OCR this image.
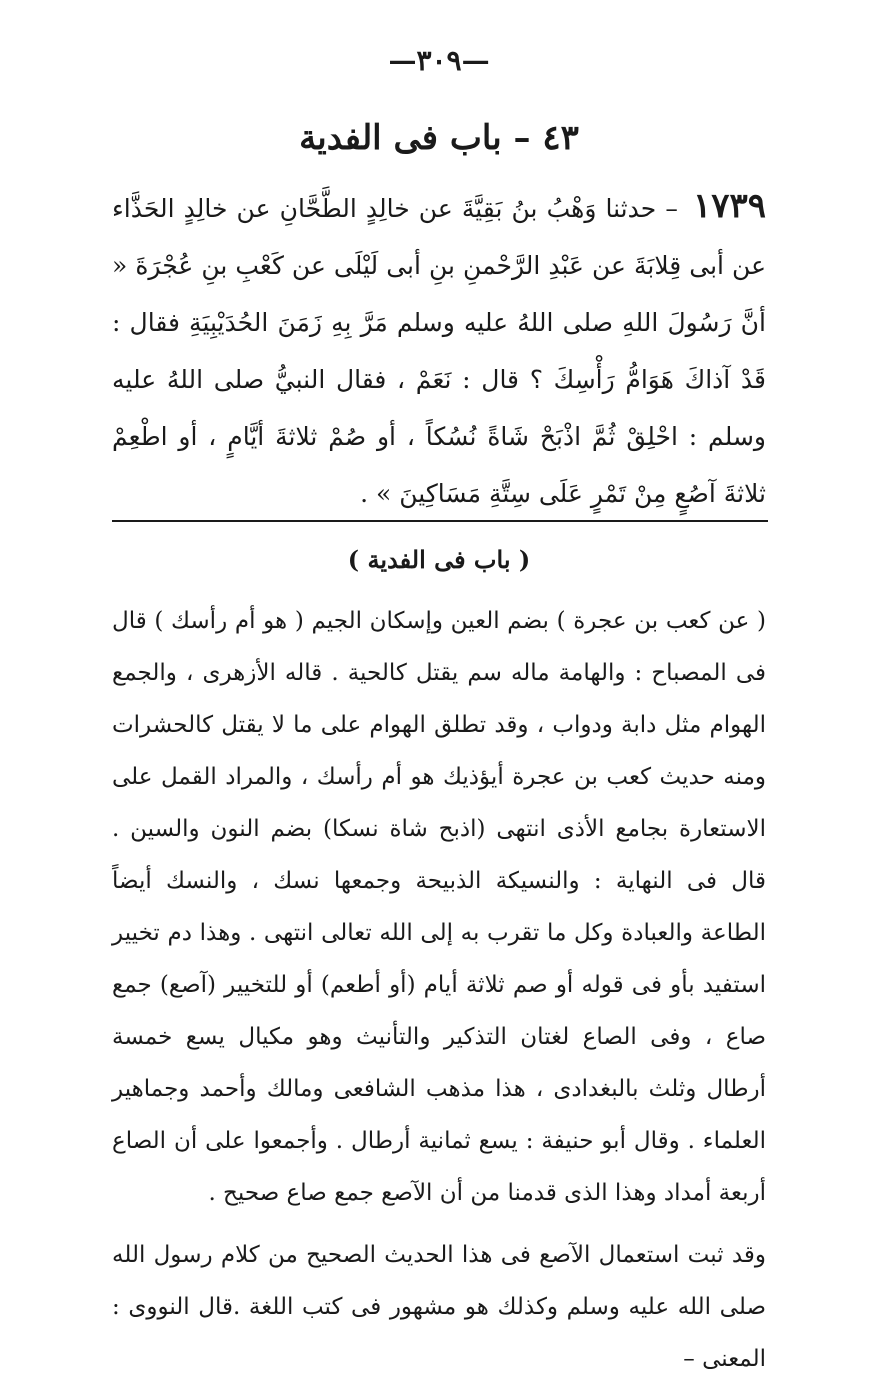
—٣٠٩—
٤٣ – باب فى الفدية
١٧٣٩ – حدثنا وَهْبُ بنُ بَقِيَّةَ عن خالِدٍ الطَّحَّانِ عن خالِدٍ الحَذَّاء عن أبى قِلابَةَ عن عَبْدِ الرَّحْمنِ بنِ أبى لَيْلَى عن كَعْبِ بنِ عُجْرَةَ « أنَّ رَسُولَ اللهِ صلى اللهُ عليه وسلم مَرَّ بِهِ زَمَنَ الحُدَيْبِيَةِ فقال : قَدْ آذاكَ هَوَامُّ رَأْسِكَ ؟ قال : نَعَمْ ، فقال النبيُّ صلى اللهُ عليه وسلم : احْلِقْ ثُمَّ اذْبَحْ شَاةً نُسُكاً ، أو صُمْ ثلاثةَ أيَّامٍ ، أو اطْعِمْ ثلاثةَ آصُعٍ مِنْ تَمْرٍ عَلَى سِتَّةِ مَسَاكِينَ » .
( باب فى الفدية )

( عن كعب بن عجرة ) بضم العين وإسكان الجيم ( هو أم رأسك ) قال فى المصباح : والهامة ماله سم يقتل كالحية . قاله الأزهرى ، والجمع الهوام مثل دابة ودواب ، وقد تطلق الهوام على ما لا يقتل كالحشرات ومنه حديث كعب بن عجرة أيؤذيك هو أم رأسك ، والمراد القمل على الاستعارة بجامع الأذى انتهى (اذبح شاة نسكا) بضم النون والسين . قال فى النهاية : والنسيكة الذبيحة وجمعها نسك ، والنسك أيضاً الطاعة والعبادة وكل ما تقرب به إلى الله تعالى انتهى . وهذا دم تخيير استفيد بأو فى قوله أو صم ثلاثة أيام (أو أطعم) أو للتخيير (آصع) جمع صاع ، وفى الصاع لغتان التذكير والتأنيث وهو مكيال يسع خمسة أرطال وثلث بالبغدادى ، هذا مذهب الشافعى ومالك وأحمد وجماهير العلماء . وقال أبو حنيفة : يسع ثمانية أرطال . وأجمعوا على أن الصاع أربعة أمداد وهذا الذى قدمنا من أن الآصع جمع صاع صحيح .

وقد ثبت استعمال الآصع فى هذا الحديث الصحيح من كلام رسول الله صلى الله عليه وسلم وكذلك هو مشهور فى كتب اللغة .قال النووى : المعنى –
